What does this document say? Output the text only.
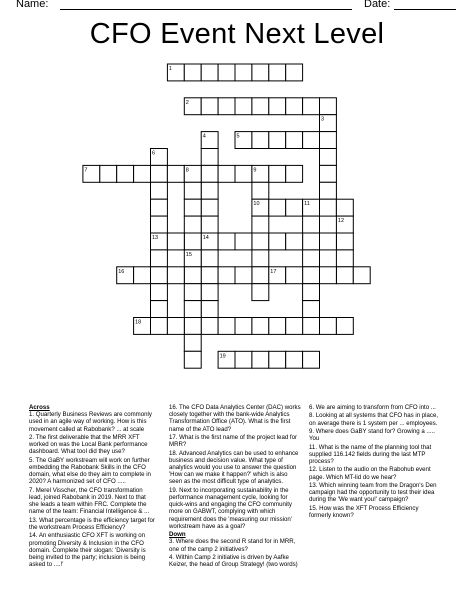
Name:	Date:
CFO Event Next Level
1
2
3
4	5
6
7	8	9
10	11
12
13	14
15
16	17
18
19
Across
1. Quarterly Business Reviews are commonly used in an agile way of working. How is this movement called at Rabobank? ... at scale
2. The first deliverable that the MRR XFT worked on was the Local Bank performance dashboard. What tool did they use?
5. The GaBY workstream will work on further embedding the Rabobank Skills in the CFO domain, what else do they aim to complete in 2020? A harmonized set of CFO .....
7. Merel Visscher, the CFO transformation lead, joined Rabobank in 2019. Next to that she leads a team within FRC. Complete the name of the team: Financial Intelligence & ...
13. What percentage is the efficiency target for the workstream Process Efficiency?
14. An enthusiastic CFO XFT is working on promoting Diversity & Inclusion in the CFO domain. Complete their slogan: 'Diversity is being invited to the party; inclusion is being asked to ....!'
16. The CFO Data Analytics Center (DAC) works closely together with the bank-wide Analytics Transformation Office (ATO). What is the first name of the ATO lead?
17. What is the first name of the project lead for MRR?
18. Advanced Analytics can be used to enhance business and decision value. What type of analytics would you use to answer the question 'How can we make it happen?' which is also seen as the most difficult type of analytics.
19. Next to incorporating sustainability in the performance management cycle, looking for quick-wins and engaging the CFO community more on GABWT, complying with which requirement does the 'measuring our mission' workstream have as a goal?
Down
3. Where does the second R stand for in MRR, one of the camp 2 initiatives?
4. Within Camp 2 initiative is driven by Aafke Keizer, the head of Group Strategy! (two words)
6. We are aiming to transform from CFO into ...
8. Looking at all systems that CFO has in place, on average there is 1 system per ... employees.
9. Where does GaBY stand for? Growing a ..... You
11. What is the name of the planning tool that supplied 116.142 fields during the last MTP process?
12. Listen to the audio on the Rabohub event page. Which MT-lid do we hear?
13. Which winning team from the Dragon's Den campaign had the opportunity to test their idea during the 'We want you!' campaign?
15. How was the XFT Process Efficiency formerly known?
